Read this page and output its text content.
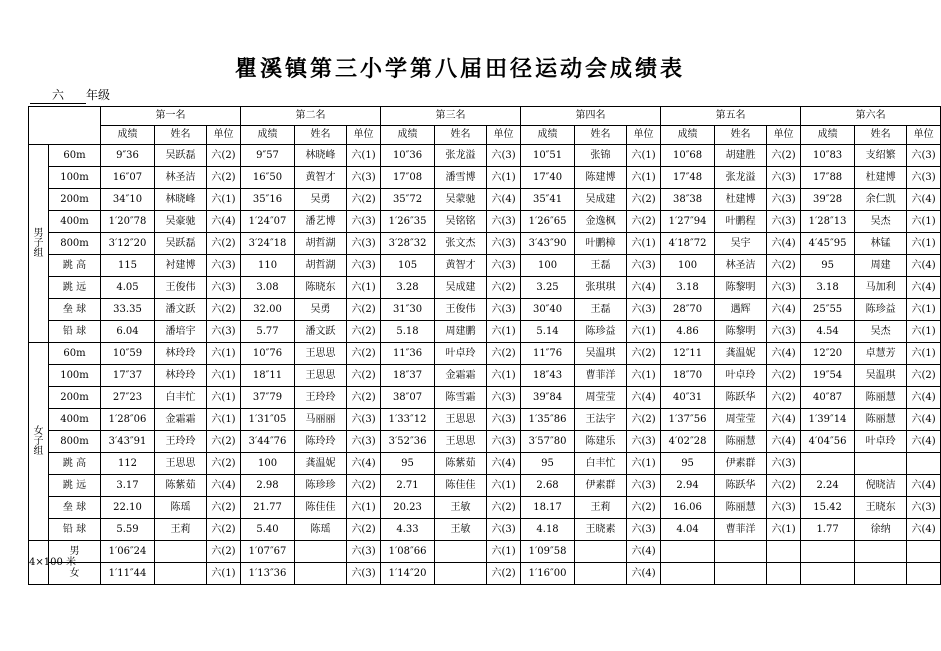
瞿溪镇第三小学第八届田径运动会成绩表
六 年级
		第一名			第二名			第三名			第四名			第五名			第六名		
		成绩	姓名	单位	成绩	姓名	单位	成绩	姓名	单位	成绩	姓名	单位	成绩	姓名	单位	成绩	姓名	单位

男
子
组	60m	9″36	吴跃磊	六(2)	9″57	林晓峰	六(1)	10″36	张龙溢	六(3)	10″51	张锦	六(1)	10″68	胡建胜	六(2)	10″83	支绍繁	六(3)
	100m	16″07	林圣洁	六(2)	16″50	黄智才	六(3)	17″08	潘雪博	六(1)	17″40	陈建博	六(1)	17″48	张龙溢	六(3)	17″88	杜建博	六(3)
	200m	34″10	林晓峰	六(1)	35″16	吴勇	六(2)	35″72	吴蒙驰	六(4)	35″41	吴成建	六(2)	38″38	杜建博	六(3)	39″28	余仁凯	六(4)
	400m	1′20″78	吴豪驰	六(4)	1′24″07	潘艺博	六(3)	1′26″35	吴铭铭	六(3)	1′26″65	金逸枫	六(2)	1′27″94	叶鹏程	六(3)	1′28″13	吴杰	六(1)
	800m	3′12″20	吴跃磊	六(2)	3′24″18	胡哲湖	六(3)	3′28″32	张文杰	六(3)	3′43″90	叶鹏樟	六(1)	4′18″72	吴宇	六(4)	4′45″95	林锰	六(1)
	跳 高	115	衬建博	六(3)	110	胡哲湖	六(3)	105	黄智才	六(3)	100	王磊	六(3)	100	林圣洁	六(2)	95	周建	六(4)
	跳 远	4.05	王俊伟	六(3)	3.08	陈晓东	六(1)	3.28	吴成建	六(2)	3.25	张琪琪	六(4)	3.18	陈黎明	六(3)	3.18	马加利	六(4)
	垒 球	33.35	潘文跃	六(2)	32.00	吴勇	六(2)	31″30	王俊伟	六(3)	30″40	王磊	六(3)	28″70	遇辉	六(4)	25″55	陈珍益	六(1)
	铅 球	6.04	潘培宇	六(3)	5.77	潘文跃	六(2)	5.18	周建鹏	六(1)	5.14	陈珍益	六(1)	4.86	陈黎明	六(3)	4.54	吴杰	六(1)

女
子
组	60m	10″59	林玲玲	六(1)	10″76	王思思	六(2)	11″36	叶卓玲	六(2)	11″76	吴温琪	六(2)	12″11	龚温妮	六(4)	12″20	卓慧芳	六(1)
	100m	17″37	林玲玲	六(1)	18″11	王思思	六(2)	18″37	金霜霜	六(1)	18″43	曹菲洋	六(1)	18″70	叶卓玲	六(2)	19″54	吴温琪	六(2)
	200m	27″23	白丰忙	六(1)	37″79	王玲玲	六(2)	38″07	陈雪霜	六(3)	39″84	周莹莹	六(4)	40″31	陈跃华	六(2)	40″87	陈丽慧	六(4)
	400m	1′28″06	金霜霜	六(1)	1′31″05	马丽丽	六(3)	1′33″12	王思思	六(3)	1′35″86	王法宇	六(2)	1′37″56	周莹莹	六(4)	1′39″14	陈丽慧	六(4)
	800m	3′43″91	王玲玲	六(2)	3′44″76	陈玲玲	六(3)	3′52″36	王思思	六(3)	3′57″80	陈建乐	六(3)	4′02″28	陈丽慧	六(4)	4′04″56	叶卓玲	六(4)
	跳 高	112	王思思	六(2)	100	龚温妮	六(4)	95	陈紫茹	六(4)	95	白丰忙	六(1)	95	伊素群	六(3)			
	跳 远	3.17	陈紫茹	六(4)	2.98	陈珍珍	六(2)	2.71	陈佳佳	六(1)	2.68	伊素群	六(3)	2.94	陈跃华	六(2)	2.24	倪晓洁	六(4)
	垒 球	22.10	陈瑶	六(2)	21.77	陈佳佳	六(1)	20.23	王敏	六(2)	18.17	王莉	六(2)	16.06	陈丽慧	六(3)	15.42	王晓东	六(3)
	铅 球	5.59	王莉	六(2)	5.40	陈瑶	六(2)	4.33	王敏	六(3)	4.18	王晓素	六(3)	4.04	曹菲洋	六(1)	1.77	徐纳	六(4)
4×100 米	男	1′06″24		六(2)	1′07″67		六(3)	1′08″66		六(1)	1′09″58		六(4)						
	女	1′11″44		六(1)	1′13″36		六(3)	1′14″20		六(2)	1′16″00		六(4)						
